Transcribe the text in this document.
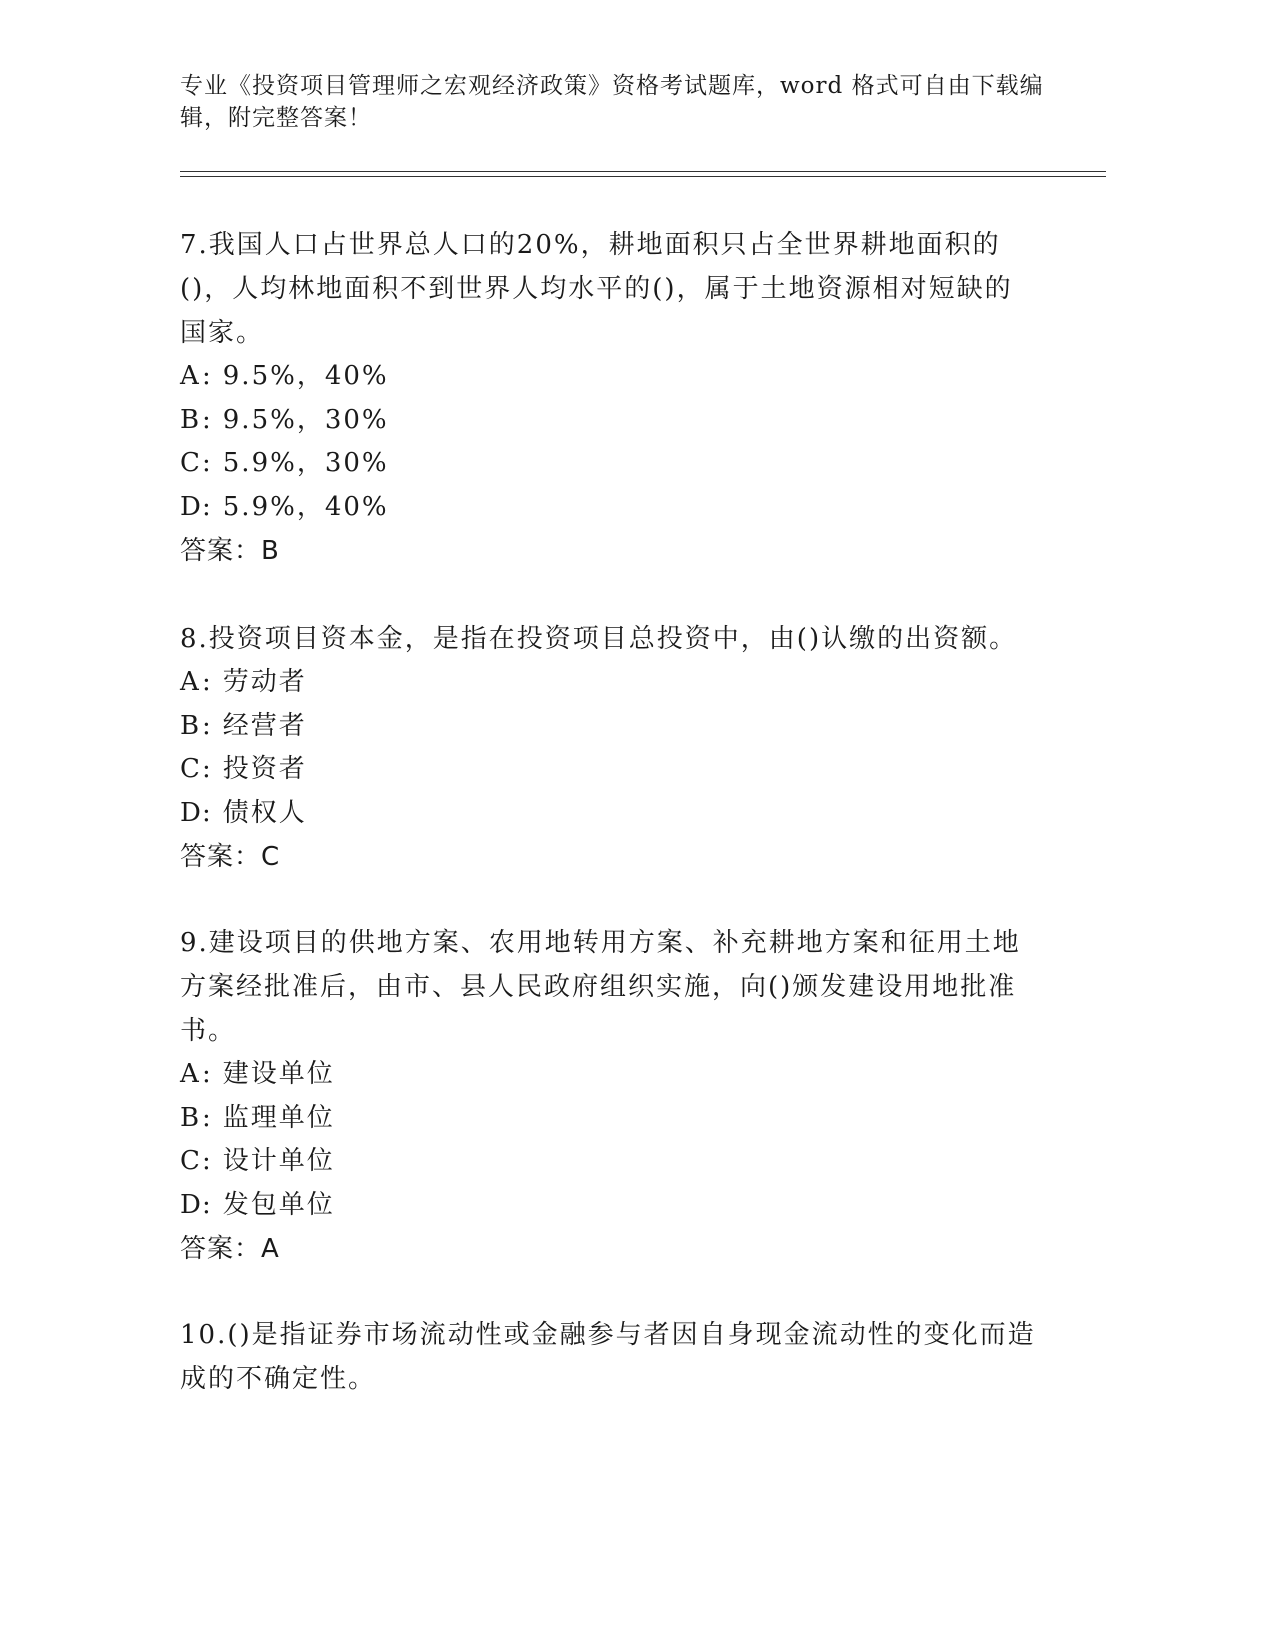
专业《投资项目管理师之宏观经济政策》资格考试题库，word 格式可自由下载编辑，附完整答案！

7.我国人口占世界总人口的20%，耕地面积只占全世界耕地面积的()，人均林地面积不到世界人均水平的()，属于土地资源相对短缺的国家。

A: 9.5%，40%

B: 9.5%，30%

C: 5.9%，30%

D: 5.9%，40%

答案：B

8.投资项目资本金，是指在投资项目总投资中，由()认缴的出资额。

A: 劳动者

B: 经营者

C: 投资者

D: 债权人

答案：C

9.建设项目的供地方案、农用地转用方案、补充耕地方案和征用土地方案经批准后，由市、县人民政府组织实施，向()颁发建设用地批准书。

A: 建设单位

B: 监理单位

C: 设计单位

D: 发包单位

答案：A

10.()是指证券市场流动性或金融参与者因自身现金流动性的变化而造成的不确定性。
